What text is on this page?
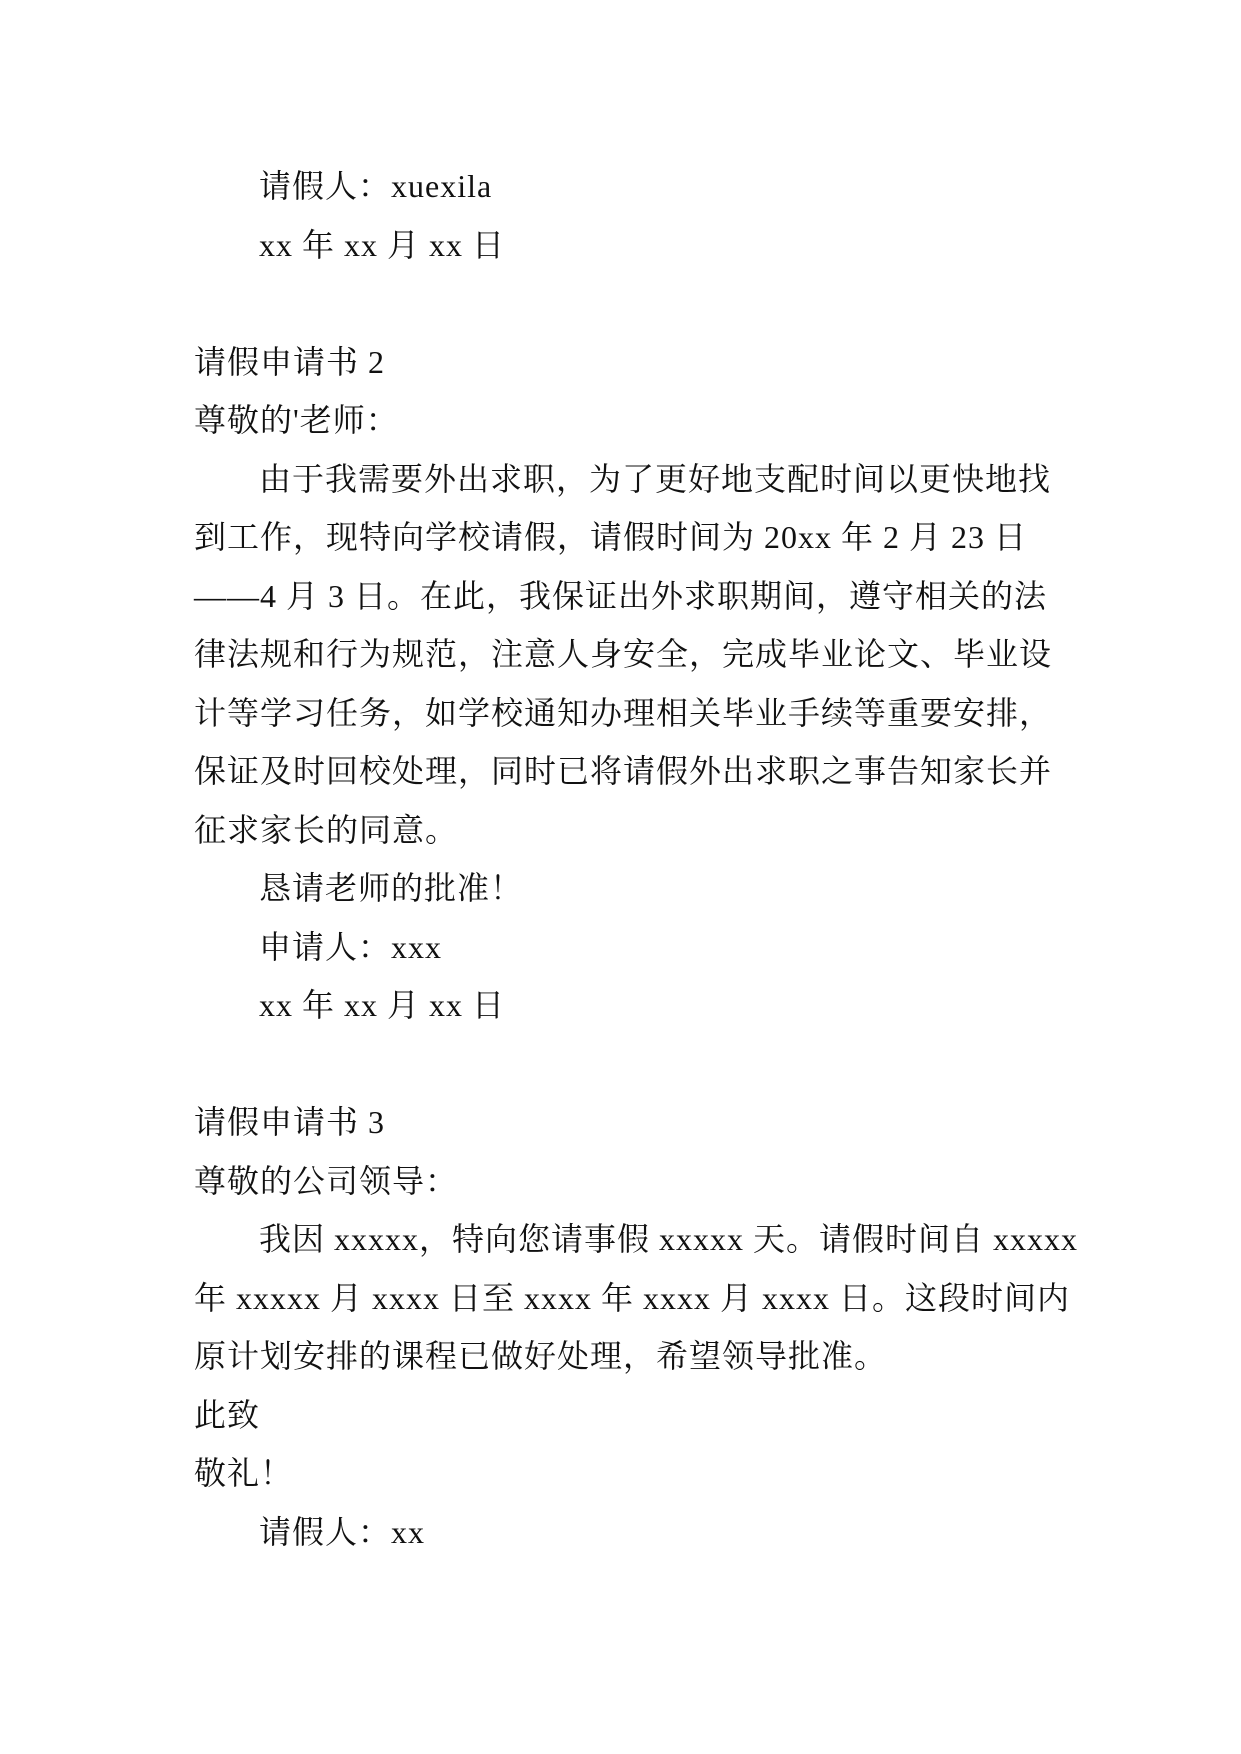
请假人：xuexila
xx 年 xx 月 xx 日
请假申请书 2
尊敬的'老师：
由于我需要外出求职，为了更好地支配时间以更快地找
到工作，现特向学校请假，请假时间为 20xx 年 2 月 23 日
——4 月 3 日。在此，我保证出外求职期间，遵守相关的法
律法规和行为规范，注意人身安全，完成毕业论文、毕业设
计等学习任务，如学校通知办理相关毕业手续等重要安排，
保证及时回校处理，同时已将请假外出求职之事告知家长并
征求家长的同意。
恳请老师的批准！
申请人：xxx
xx 年 xx 月 xx 日
请假申请书 3
尊敬的公司领导：
我因 xxxxx，特向您请事假 xxxxx 天。请假时间自 xxxxx
年 xxxxx 月 xxxx 日至 xxxx 年 xxxx 月 xxxx 日。这段时间内
原计划安排的课程已做好处理，希望领导批准。
此致
敬礼！
请假人：xx
